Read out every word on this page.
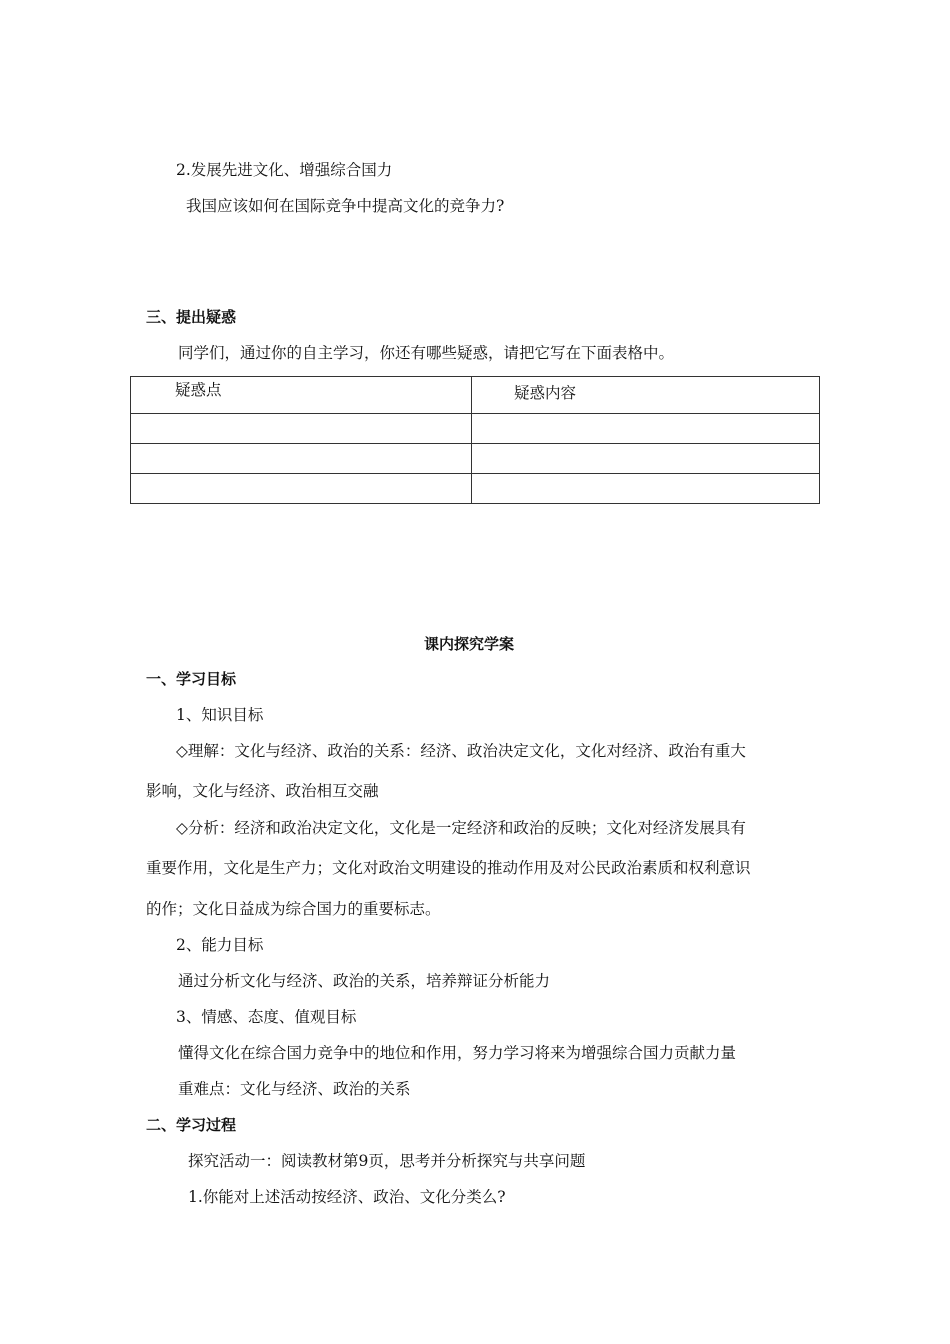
2.发展先进文化、增强综合国力
我国应该如何在国际竞争中提高文化的竞争力?
三、提出疑惑
同学们，通过你的自主学习，你还有哪些疑惑，请把它写在下面表格中。
疑惑点	疑惑内容

课内探究学案
一、学习目标
1、知识目标
◇理解：文化与经济、政治的关系：经济、政治决定文化，文化对经济、政治有重大
影响，文化与经济、政治相互交融
◇分析：经济和政治决定文化，文化是一定经济和政治的反映；文化对经济发展具有
重要作用，文化是生产力；文化对政治文明建设的推动作用及对公民政治素质和权利意识
的作；文化日益成为综合国力的重要标志。
2、能力目标
通过分析文化与经济、政治的关系，培养辩证分析能力
3、情感、态度、值观目标
懂得文化在综合国力竞争中的地位和作用，努力学习将来为增强综合国力贡献力量
重难点：文化与经济、政治的关系
二、学习过程
探究活动一：阅读教材第9页，思考并分析探究与共享问题
1.你能对上述活动按经济、政治、文化分类么?
